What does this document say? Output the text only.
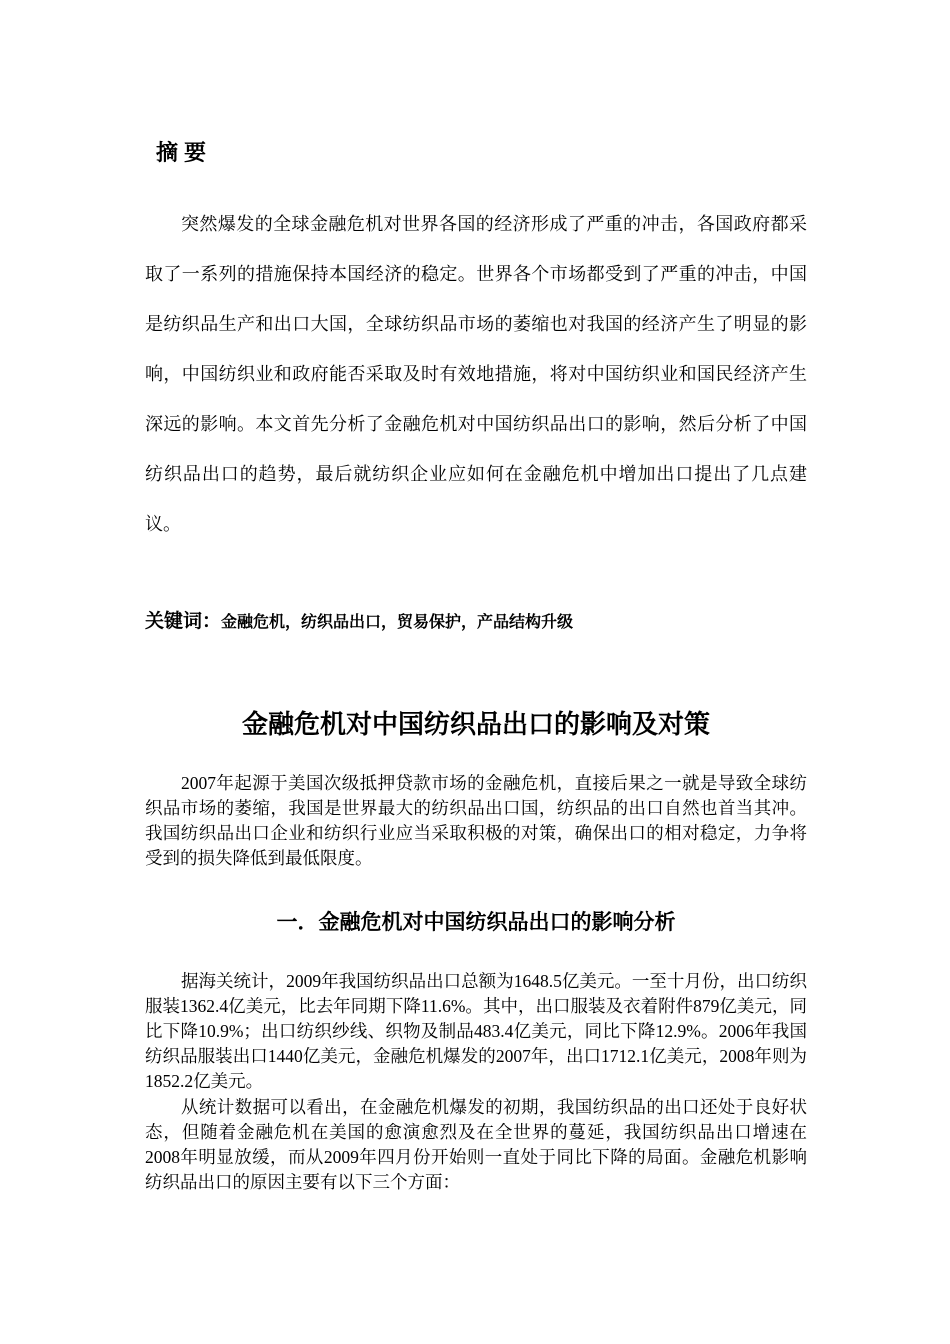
摘要

突然爆发的全球金融危机对世界各国的经济形成了严重的冲击，各国政府都采取了一系列的措施保持本国经济的稳定。世界各个市场都受到了严重的冲击，中国是纺织品生产和出口大国，全球纺织品市场的萎缩也对我国的经济产生了明显的影响，中国纺织业和政府能否采取及时有效地措施，将对中国纺织业和国民经济产生深远的影响。本文首先分析了金融危机对中国纺织品出口的影响，然后分析了中国纺织品出口的趋势，最后就纺织企业应如何在金融危机中增加出口提出了几点建议。

关键词：金融危机，纺织品出口，贸易保护，产品结构升级

金融危机对中国纺织品出口的影响及对策

2007年起源于美国次级抵押贷款市场的金融危机，直接后果之一就是导致全球纺织品市场的萎缩，我国是世界最大的纺织品出口国，纺织品的出口自然也首当其冲。我国纺织品出口企业和纺织行业应当采取积极的对策，确保出口的相对稳定，力争将受到的损失降低到最低限度。

一．金融危机对中国纺织品出口的影响分析

据海关统计，2009年我国纺织品出口总额为1648.5亿美元。一至十月份，出口纺织服装1362.4亿美元，比去年同期下降11.6%。其中，出口服装及衣着附件879亿美元，同比下降10.9%；出口纺织纱线、织物及制品483.4亿美元，同比下降12.9%。2006年我国纺织品服装出口1440亿美元，金融危机爆发的2007年，出口1712.1亿美元，2008年则为1852.2亿美元。

从统计数据可以看出，在金融危机爆发的初期，我国纺织品的出口还处于良好状态，但随着金融危机在美国的愈演愈烈及在全世界的蔓延，我国纺织品出口增速在2008年明显放缓，而从2009年四月份开始则一直处于同比下降的局面。金融危机影响纺织品出口的原因主要有以下三个方面：
